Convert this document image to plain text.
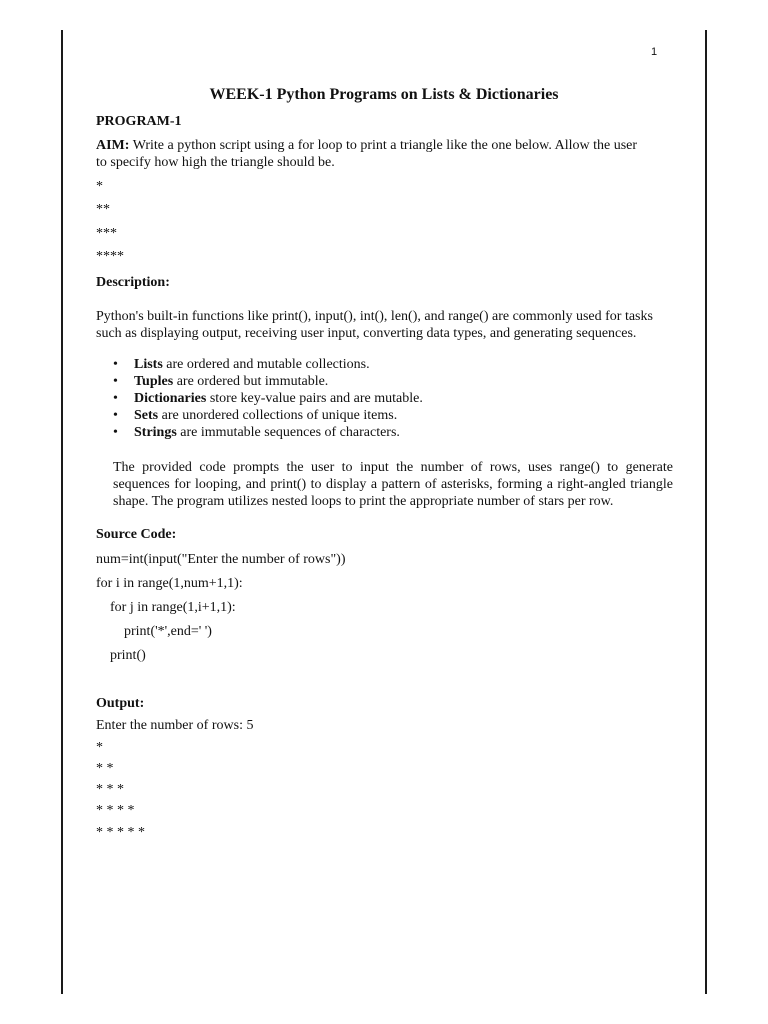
1
WEEK-1 Python Programs on Lists & Dictionaries
PROGRAM-1
AIM: Write a python script using a for loop to print a triangle like the one below. Allow the user
to specify how high the triangle should be.
*
**
***
****
Description:
Python's built-in functions like print(), input(), int(), len(), and range() are commonly used for tasks
such as displaying output, receiving user input, converting data types, and generating sequences.
• Lists are ordered and mutable collections.
• Tuples are ordered but immutable.
• Dictionaries store key-value pairs and are mutable.
• Sets are unordered collections of unique items.
• Strings are immutable sequences of characters.
The provided code prompts the user to input the number of rows, uses range() to generate sequences for looping, and print() to display a pattern of asterisks, forming a right-angled triangle shape. The program utilizes nested loops to print the appropriate number of stars per row.
Source Code:
num=int(input("Enter the number of rows"))
for i in range(1,num+1,1):
for j in range(1,i+1,1):
print('*',end=' ')
print()
Output:
Enter the number of rows: 5
*
* *
* * *
* * * *
* * * * *
